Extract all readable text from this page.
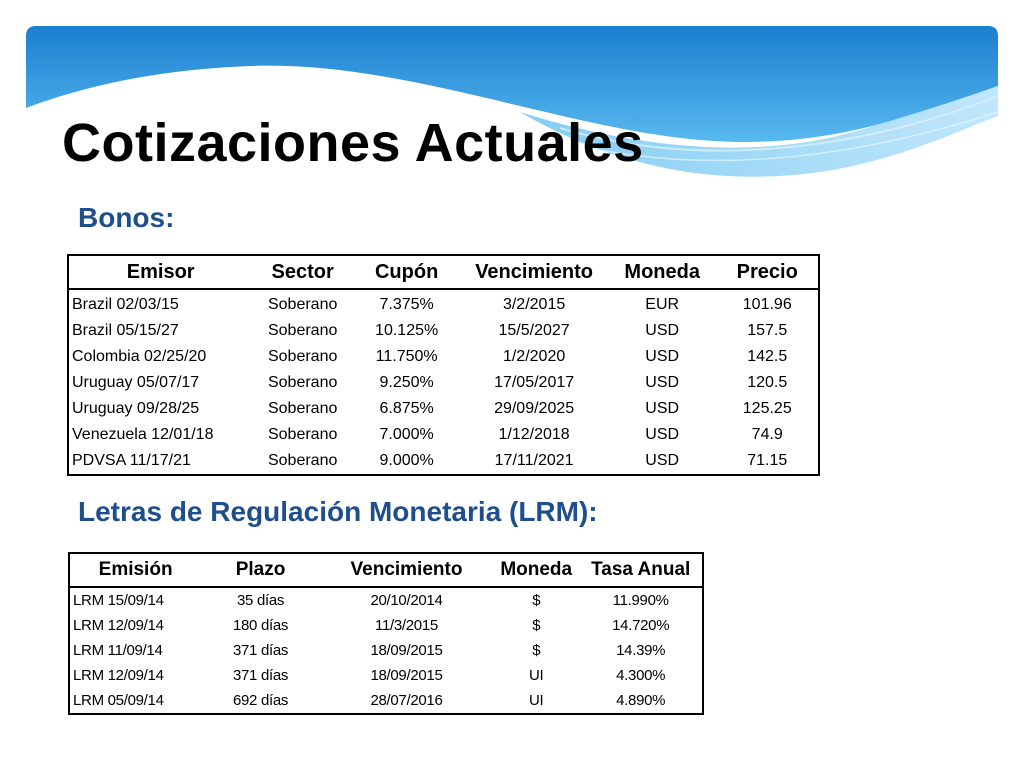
Cotizaciones Actuales
Bonos:
Emisor	Sector	Cupón	Vencimiento	Moneda	Precio
Brazil 02/03/15	Soberano	7.375%	3/2/2015	EUR	101.96
Brazil 05/15/27	Soberano	10.125%	15/5/2027	USD	157.5
Colombia 02/25/20	Soberano	11.750%	1/2/2020	USD	142.5
Uruguay 05/07/17	Soberano	9.250%	17/05/2017	USD	120.5
Uruguay 09/28/25	Soberano	6.875%	29/09/2025	USD	125.25
Venezuela 12/01/18	Soberano	7.000%	1/12/2018	USD	74.9
PDVSA 11/17/21	Soberano	9.000%	17/11/2021	USD	71.15
Letras de Regulación Monetaria (LRM):
Emisión	Plazo	Vencimiento	Moneda	Tasa Anual
LRM 15/09/14	35 días	20/10/2014	$	11.990%
LRM 12/09/14	180 días	11/3/2015	$	14.720%
LRM 11/09/14	371 días	18/09/2015	$	14.39%
LRM 12/09/14	371 días	18/09/2015	UI	4.300%
LRM 05/09/14	692 días	28/07/2016	UI	4.890%
